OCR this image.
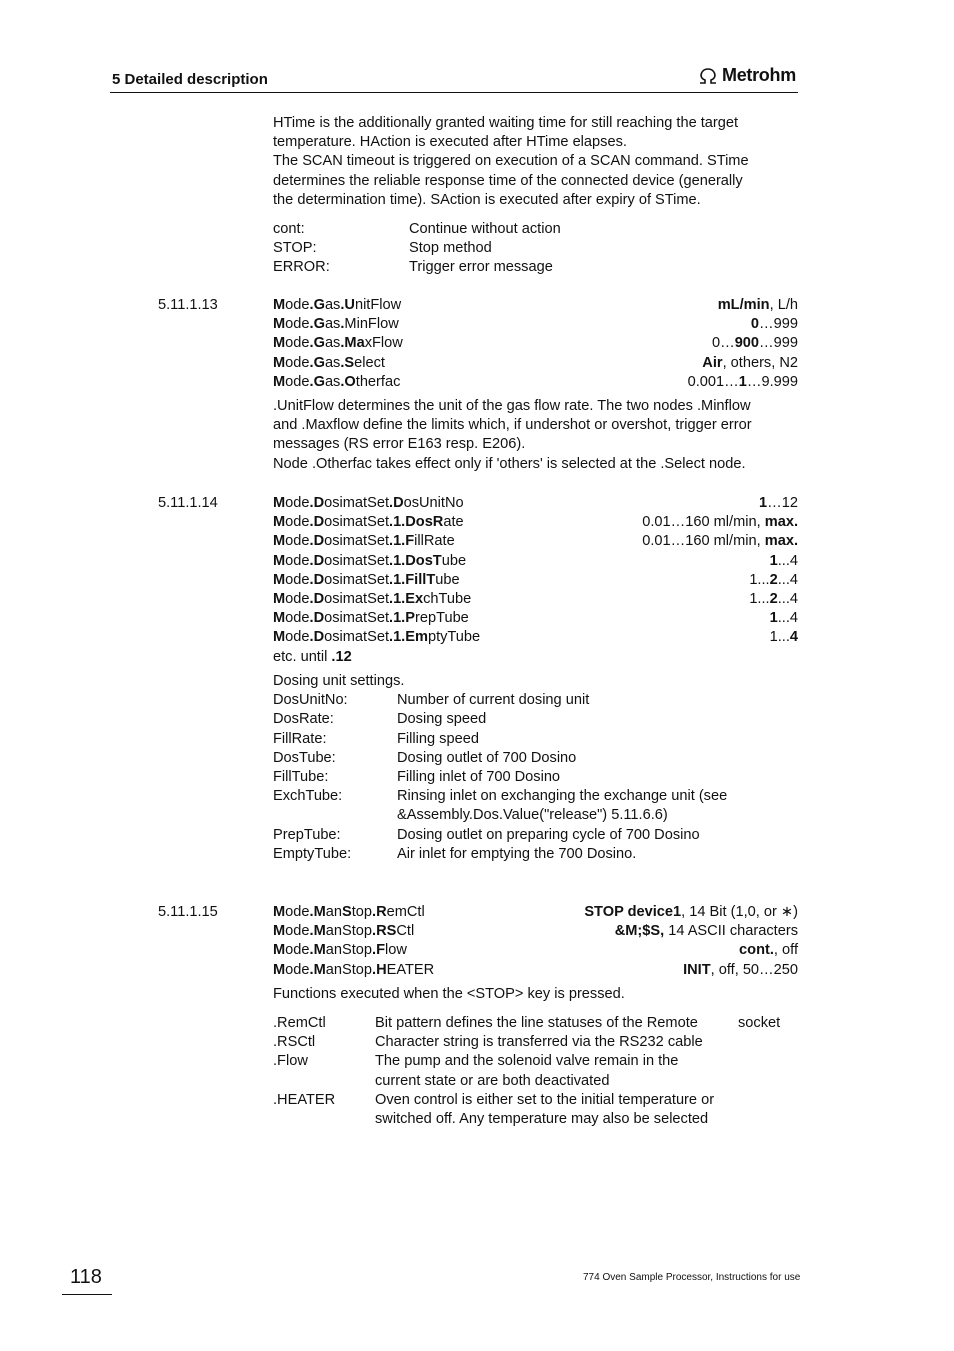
5 Detailed description	Metrohm
HTime is the additionally granted waiting time for still reaching the target
temperature. HAction is executed after HTime elapses.
The SCAN timeout is triggered on execution of a SCAN command. STime
determines the reliable response time of the connected device (generally
the determination time). SAction is executed after expiry of STime.
cont:	Continue without action
STOP:	Stop method
ERROR:	Trigger error message
5.11.1.13	Mode.Gas.UnitFlow	mL/min, L/h
Mode.Gas.MinFlow	0…999
Mode.Gas.MaxFlow	0…900…999
Mode.Gas.Select	Air, others, N2
Mode.Gas.Otherfac	0.001…1…9.999
.UnitFlow determines the unit of the gas flow rate. The two nodes .Minflow
and .Maxflow define the limits which, if undershot or overshot, trigger error
messages (RS error E163 resp. E206).
Node .Otherfac takes effect only if 'others' is selected at the .Select node.
5.11.1.14	Mode.DosimatSet.DosUnitNo	1…12
Mode.DosimatSet.1.DosRate	0.01…160 ml/min, max.
Mode.DosimatSet.1.FillRate	0.01…160 ml/min, max.
Mode.DosimatSet.1.DosTube	1...4
Mode.DosimatSet.1.FillTube	1...2...4
Mode.DosimatSet.1.ExchTube	1...2...4
Mode.DosimatSet.1.PrepTube	1...4
Mode.DosimatSet.1.EmptyTube	1...4
etc. until .12
Dosing unit settings.
DosUnitNo:	Number of current dosing unit
DosRate:	Dosing speed
FillRate:	Filling speed
DosTube:	Dosing outlet of 700 Dosino
FillTube:	Filling inlet of 700 Dosino
ExchTube:	Rinsing inlet on exchanging the exchange unit (see &Assembly.Dos.Value("release") 5.11.6.6)
PrepTube:	Dosing outlet on preparing cycle of 700 Dosino
EmptyTube:	Air inlet for emptying the 700 Dosino.
5.11.1.15	Mode.ManStop.RemCtl	STOP device1, 14 Bit (1,0, or ∗)
Mode.ManStop.RSCtl	&M;$S, 14 ASCII characters
Mode.ManStop.Flow	cont., off
Mode.ManStop.HEATER	INIT, off, 50…250
Functions executed when the <STOP> key is pressed.
.RemCtl	Bit pattern defines the line statuses of the Remote	socket
.RSCtl	Character string is transferred via the RS232 cable
.Flow	The pump and the solenoid valve remain in the current state or are both deactivated
.HEATER	Oven control is either set to the initial temperature or switched off. Any temperature may also be selected
118	774 Oven Sample Processor, Instructions for use
